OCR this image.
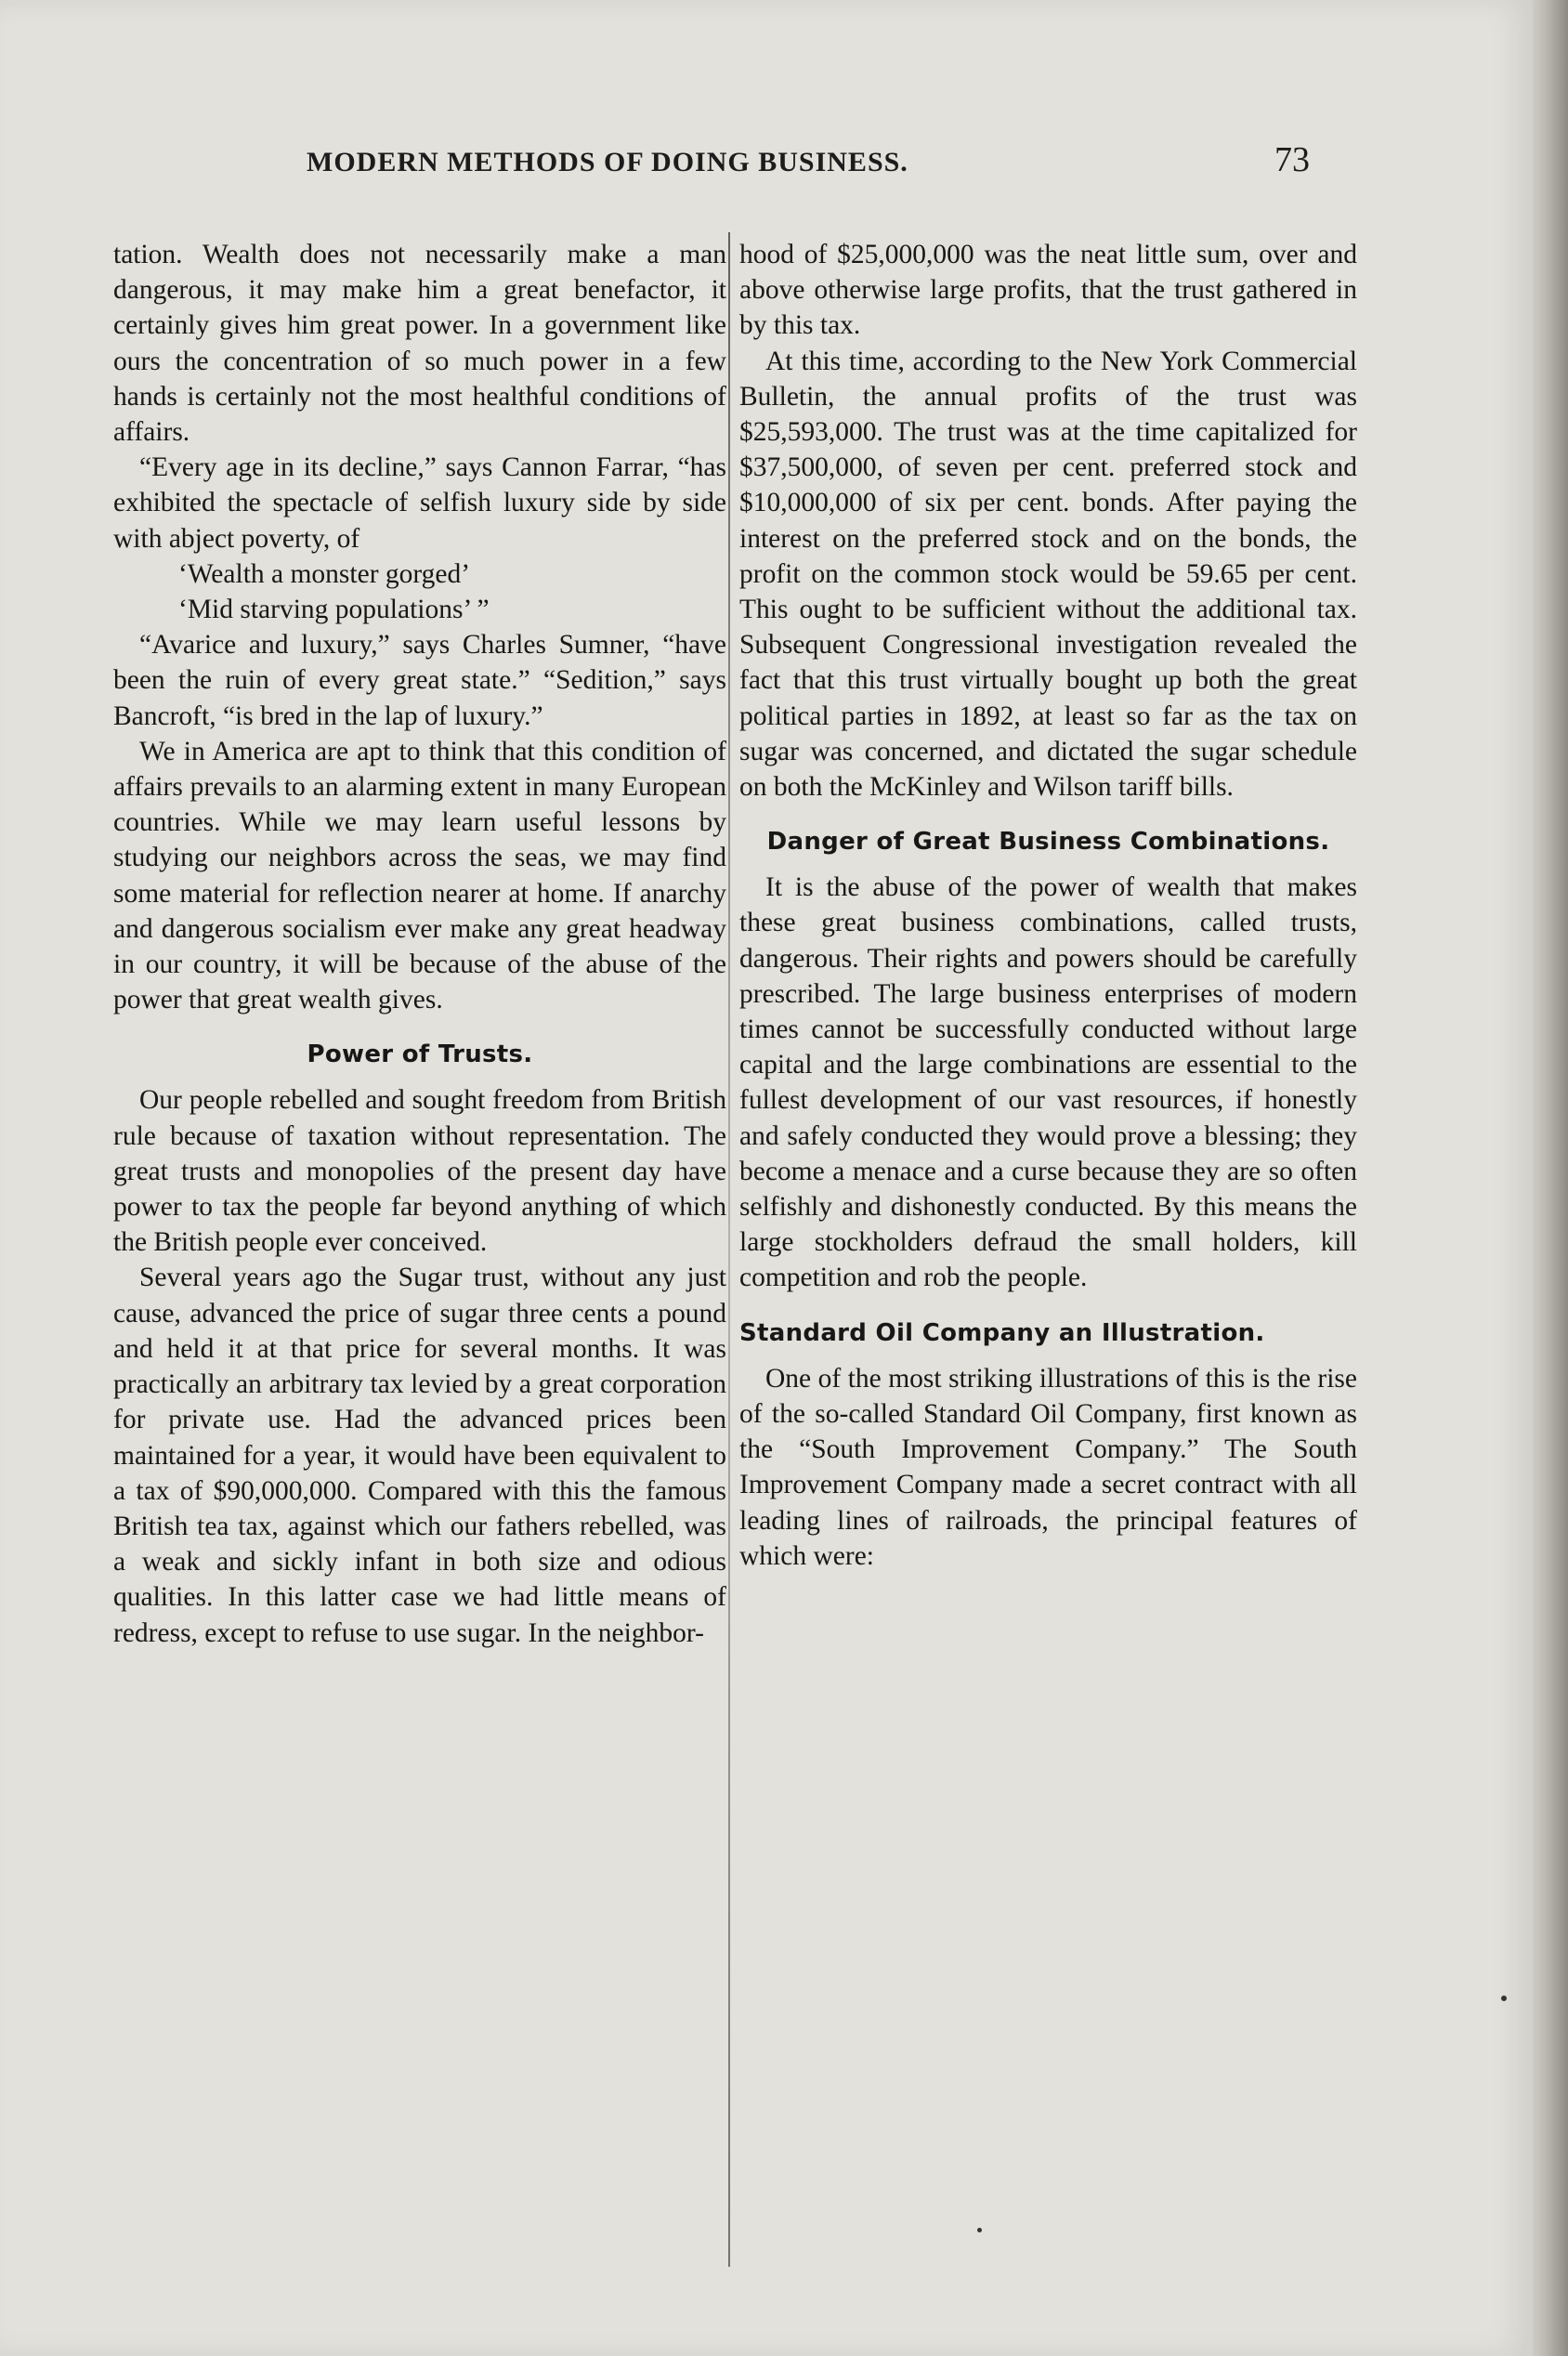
MODERN METHODS OF DOING BUSINESS.	73

tation. Wealth does not necessarily make a man dangerous, it may make him a great benefactor, it certainly gives him great power. In a government like ours the concentration of so much power in a few hands is certainly not the most healthful conditions of affairs.

“Every age in its decline,” says Cannon Farrar, “has exhibited the spectacle of selfish luxury side by side with abject poverty, of

‘Wealth a monster gorged’

‘Mid starving populations’ ”

“Avarice and luxury,” says Charles Sumner, “have been the ruin of every great state.” “Sedition,” says Bancroft, “is bred in the lap of luxury.”

We in America are apt to think that this condition of affairs prevails to an alarming extent in many European countries. While we may learn useful lessons by studying our neighbors across the seas, we may find some material for reflection nearer at home. If anarchy and dangerous socialism ever make any great headway in our country, it will be because of the abuse of the power that great wealth gives.

Power of Trusts.

Our people rebelled and sought freedom from British rule because of taxation without representation. The great trusts and monopolies of the present day have power to tax the people far beyond anything of which the British people ever conceived.

Several years ago the Sugar trust, without any just cause, advanced the price of sugar three cents a pound and held it at that price for several months. It was practically an arbitrary tax levied by a great corporation for private use. Had the advanced prices been maintained for a year, it would have been equivalent to a tax of $90,000,000. Compared with this the famous British tea tax, against which our fathers rebelled, was a weak and sickly infant in both size and odious qualities. In this latter case we had little means of redress, except to refuse to use sugar. In the neighbor-

hood of $25,000,000 was the neat little sum, over and above otherwise large profits, that the trust gathered in by this tax.

At this time, according to the New York Commercial Bulletin, the annual profits of the trust was $25,593,000. The trust was at the time capitalized for $37,500,000, of seven per cent. preferred stock and $10,000,000 of six per cent. bonds. After paying the interest on the preferred stock and on the bonds, the profit on the common stock would be 59.65 per cent. This ought to be sufficient without the additional tax. Subsequent Congressional investigation revealed the fact that this trust virtually bought up both the great political parties in 1892, at least so far as the tax on sugar was concerned, and dictated the sugar schedule on both the McKinley and Wilson tariff bills.

Danger of Great Business Combinations.

It is the abuse of the power of wealth that makes these great business combinations, called trusts, dangerous. Their rights and powers should be carefully prescribed. The large business enterprises of modern times cannot be successfully conducted without large capital and the large combinations are essential to the fullest development of our vast resources, if honestly and safely conducted they would prove a blessing; they become a menace and a curse because they are so often selfishly and dishonestly conducted. By this means the large stockholders defraud the small holders, kill competition and rob the people.

Standard Oil Company an Illustration.

One of the most striking illustrations of this is the rise of the so-called Standard Oil Company, first known as the “South Improvement Company.” The South Improvement Company made a secret contract with all leading lines of railroads, the principal features of which were:
